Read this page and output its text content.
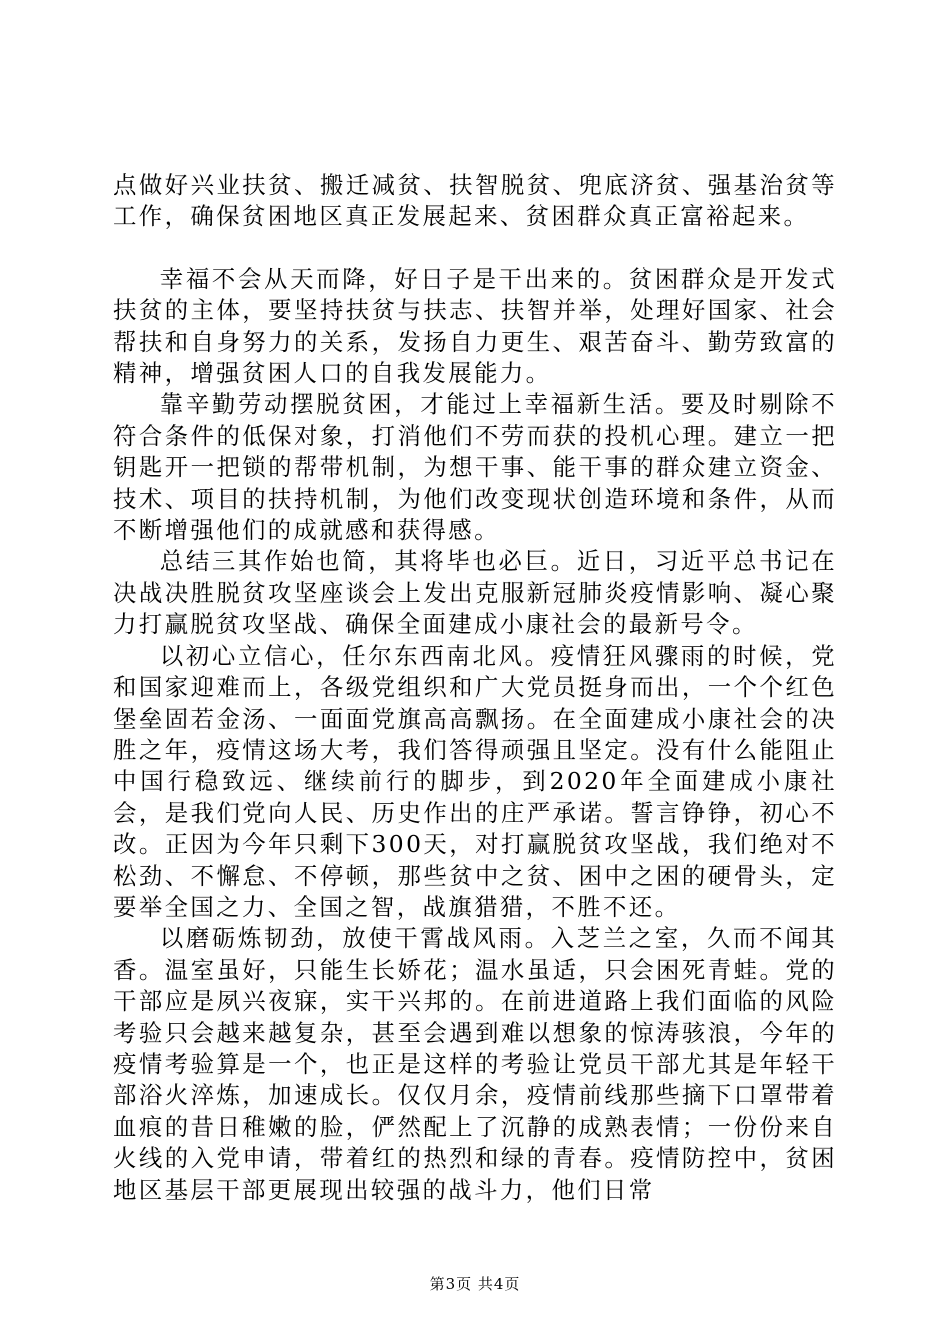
点做好兴业扶贫、搬迁减贫、扶智脱贫、兜底济贫、强基治贫等工作，确保贫困地区真正发展起来、贫困群众真正富裕起来。

幸福不会从天而降，好日子是干出来的。贫困群众是开发式扶贫的主体，要坚持扶贫与扶志、扶智并举，处理好国家、社会帮扶和自身努力的关系，发扬自力更生、艰苦奋斗、勤劳致富的精神，增强贫困人口的自我发展能力。

靠辛勤劳动摆脱贫困，才能过上幸福新生活。要及时剔除不符合条件的低保对象，打消他们不劳而获的投机心理。建立一把钥匙开一把锁的帮带机制，为想干事、能干事的群众建立资金、技术、项目的扶持机制，为他们改变现状创造环境和条件，从而不断增强他们的成就感和获得感。

总结三其作始也简，其将毕也必巨。近日，习近平总书记在决战决胜脱贫攻坚座谈会上发出克服新冠肺炎疫情影响、凝心聚力打赢脱贫攻坚战、确保全面建成小康社会的最新号令。

以初心立信心，任尔东西南北风。疫情狂风骤雨的时候，党和国家迎难而上，各级党组织和广大党员挺身而出，一个个红色堡垒固若金汤、一面面党旗高高飘扬。在全面建成小康社会的决胜之年，疫情这场大考，我们答得顽强且坚定。没有什么能阻止中国行稳致远、继续前行的脚步，到2020年全面建成小康社会，是我们党向人民、历史作出的庄严承诺。誓言铮铮，初心不改。正因为今年只剩下300天，对打赢脱贫攻坚战，我们绝对不松劲、不懈怠、不停顿，那些贫中之贫、困中之困的硬骨头，定要举全国之力、全国之智，战旗猎猎，不胜不还。

以磨砺炼韧劲，放使干霄战风雨。入芝兰之室，久而不闻其香。温室虽好，只能生长娇花；温水虽适，只会困死青蛙。党的干部应是夙兴夜寐，实干兴邦的。在前进道路上我们面临的风险考验只会越来越复杂，甚至会遇到难以想象的惊涛骇浪，今年的疫情考验算是一个，也正是这样的考验让党员干部尤其是年轻干部浴火淬炼，加速成长。仅仅月余，疫情前线那些摘下口罩带着血痕的昔日稚嫩的脸，俨然配上了沉静的成熟表情；一份份来自火线的入党申请，带着红的热烈和绿的青春。疫情防控中，贫困地区基层干部更展现出较强的战斗力，他们日常

第3页 共4页
